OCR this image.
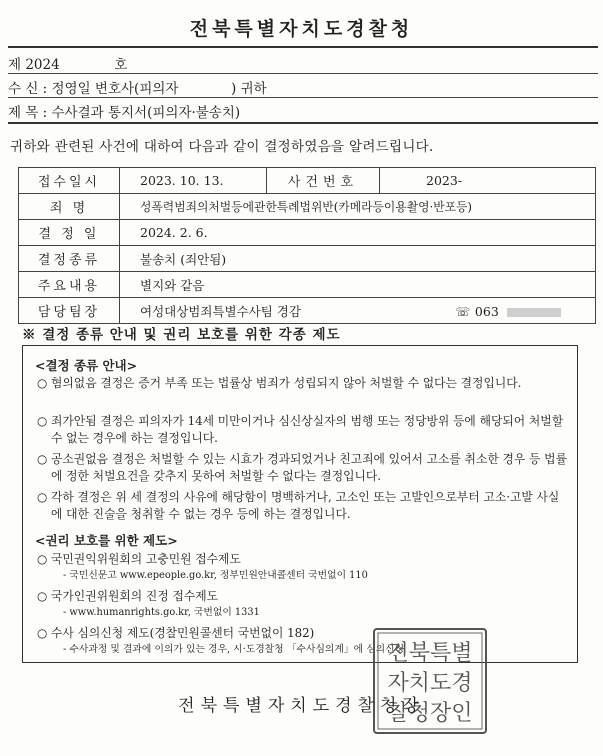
전북특별자치도경찰청
제 2024	호
수 신 : 정영일 변호사(피의자	) 귀하
제 목 : 수사결과 통지서(피의자·불송치)
귀하와 관련된 사건에 대하여 다음과 같이 결정하였음을 알려드립니다.
접수일시	2023. 10. 13.	사건번호	2023-
죄 명	성폭력범죄의처벌등에관한특례법위반(카메라등이용촬영·반포등)		
결 정 일	2024. 2. 6.		
결정종류	불송치 (죄안됨)		
주요내용	별지와 같음		
담당팀장	여성대상범죄특별수사팀 경감 ☏ 063		
※ 결정 종류 안내 및 권리 보호를 위한 각종 제도
<결정 종류 안내>
○ 혐의없음 결정은 증거 부족 또는 법률상 범죄가 성립되지 않아 처벌할 수 없다는 결정입니다.
○ 죄가안됨 결정은 피의자가 14세 미만이거나 심신상실자의 범행 또는 정당방위 등에 해당되어 처벌할 수 없는 경우에 하는 결정입니다.
○ 공소권없음 결정은 처벌할 수 있는 시효가 경과되었거나 친고죄에 있어서 고소를 취소한 경우 등 법률에 정한 처벌요건을 갖추지 못하여 처벌할 수 없다는 결정입니다.
○ 각하 결정은 위 세 결정의 사유에 해당함이 명백하거나, 고소인 또는 고발인으로부터 고소·고발 사실에 대한 진술을 청취할 수 없는 경우 등에 하는 결정입니다.
<권리 보호를 위한 제도>
○ 국민권익위원회의 고충민원 접수제도
- 국민신문고 www.epeople.go.kr, 정부민원안내콜센터 국번없이 110
○ 국가인권위원회의 진정 접수제도
- www.humanrights.go.kr, 국번없이 1331
○ 수사 심의신청 제도(경찰민원콜센터 국번없이 182)
- 수사과정 및 결과에 이의가 있는 경우, 시·도경찰청 「수사심의계」에 심의신청
전북특별
자치도경
찰청장인
전북특별자치도경찰청장
